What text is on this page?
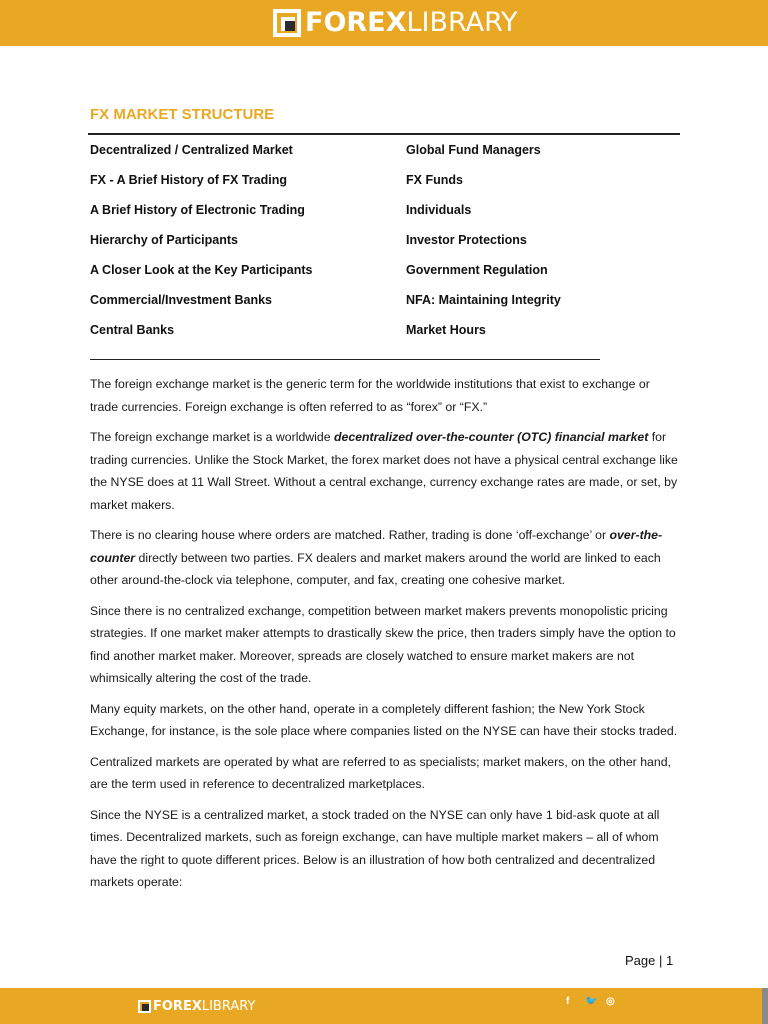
FOREXLIBRARY
FX MARKET STRUCTURE
Decentralized / Centralized Market
FX - A Brief History of FX Trading
A Brief History of Electronic Trading
Hierarchy of Participants
A Closer Look at the Key Participants
Commercial/Investment Banks
Central Banks
Global Fund Managers
FX Funds
Individuals
Investor Protections
Government Regulation
NFA: Maintaining Integrity
Market Hours

The foreign exchange market is the generic term for the worldwide institutions that exist to exchange or trade currencies. Foreign exchange is often referred to as “forex” or “FX.”

The foreign exchange market is a worldwide decentralized over-the-counter (OTC) financial market for trading currencies. Unlike the Stock Market, the forex market does not have a physical central exchange like the NYSE does at 11 Wall Street. Without a central exchange, currency exchange rates are made, or set, by market makers.

There is no clearing house where orders are matched. Rather, trading is done ‘off-exchange’ or over-the-counter directly between two parties. FX dealers and market makers around the world are linked to each other around-the-clock via telephone, computer, and fax, creating one cohesive market.

Since there is no centralized exchange, competition between market makers prevents monopolistic pricing strategies. If one market maker attempts to drastically skew the price, then traders simply have the option to find another market maker. Moreover, spreads are closely watched to ensure market makers are not whimsically altering the cost of the trade.

Many equity markets, on the other hand, operate in a completely different fashion; the New York Stock Exchange, for instance, is the sole place where companies listed on the NYSE can have their stocks traded.

Centralized markets are operated by what are referred to as specialists; market makers, on the other hand, are the term used in reference to decentralized marketplaces.

Since the NYSE is a centralized market, a stock traded on the NYSE can only have 1 bid-ask quote at all times. Decentralized markets, such as foreign exchange, can have multiple market makers – all of whom have the right to quote different prices. Below is an illustration of how both centralized and decentralized markets operate:

Page | 1
FOREXLIBRARY	f 🐦 ◎
